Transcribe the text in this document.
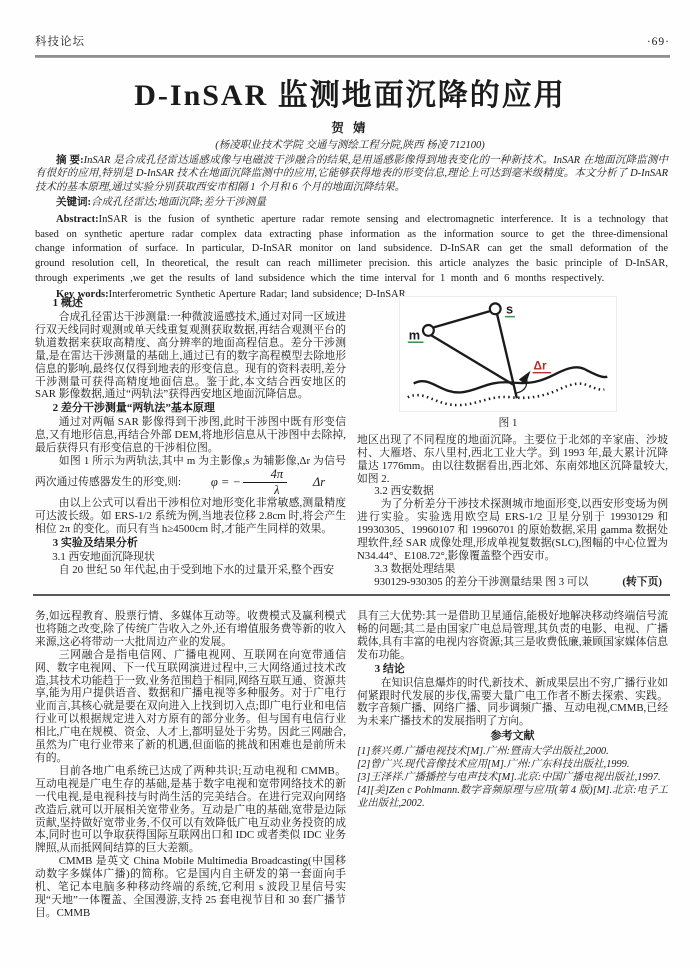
科技论坛	·69·
D-InSAR 监测地面沉降的应用
贺 婧
(杨凌职业技术学院 交通与测绘工程分院,陕西 杨凌 712100)

摘 要:InSAR 是合成孔径雷达遥感成像与电磁波干涉融合的结果,是用遥感影像得到地表变化的一种新技术。InSAR 在地面沉降监测中有很好的应用,特别是 D-InSAR 技术在地面沉降监测中的应用,它能够获得地表的形变信息,理论上可达到毫米级精度。本文分析了 D-InSAR 技术的基本原理,通过实验分别获取西安市相隔 1 个月和 6 个月的地面沉降结果。

关键词:合成孔径雷达;地面沉降;差分干涉测量

Abstract:InSAR is the fusion of synthetic aperture radar remote sensing and electromagnetic interference. It is a technology that based on synthetic aperture radar complex data extracting phase information as the information source to get the three-dimensional change information of surface. In particular, D-InSAR monitor on land subsidence. D-InSAR can get the small deformation of the ground resolution cell, In theoretical, the result can reach millimeter precision. this article analyzes the basic principle of D-InSAR, through experiments ,we get the results of land subsidence which the time interval for 1 month and 6 months respectively.

Key words:Interferometric Synthetic Aperture Radar; land subsidence; D-InSAR

1 概述

合成孔径雷达干涉测量:一种微波遥感技术,通过对同一区域进行双天线同时观测或单天线重复观测获取数据,再结合观测平台的轨道数据来获取高精度、高分辨率的地面高程信息。差分干涉测量,是在雷达干涉测量的基础上,通过已有的数字高程模型去除地形信息的影响,最终仅仅得到地表的形变信息。现有的资料表明,差分干涉测量可获得高精度地面信息。鉴于此,本文结合西安地区的 SAR 影像数据,通过“两轨法”获得西安地区地面沉降信息。

2 差分干涉测量“两轨法”基本原理

通过对两幅 SAR 影像得到干涉图,此时干涉图中既有形变信息,又有地形信息,再结合外部 DEM,将地形信息从干涉图中去除掉,最后获得只有形变信息的干涉相位图。

如图 1 所示为两轨法,其中 m 为主影像,s 为辅影像,Δr 为信号两次通过传感器发生的形变,则:	φ = − $\frac{4\pi}{\lambda}$	Δr

由以上公式可以看出干涉相位对地形变化非常敏感,测量精度可达波长级。如 ERS-1/2 系统为例,当地表位移 2.8cm 时,将会产生相位 2π 的变化。而只有当 h≥4500cm 时,才能产生同样的效果。

3 实验及结果分析
3.1 西安地面沉降现状

自 20 世纪 50 年代起,由于受到地下水的过量开采,整个西安

m
s
Δr
图 1

地区出现了不同程度的地面沉降。主要位于北郊的辛家庙、沙坡村、大雁塔、东八里村,西北工业大学。到 1993 年,最大累计沉降量达 1776mm。由以往数据看出,西北郊、东南郊地区沉降量较大,如图 2.

3.2 西安数据

为了分析差分干涉技术探测城市地面形变,以西安形变场为例进行实验。实验选用欧空局 ERS-1/2 卫星分别于 19930129 和 19930305、19960107 和 19960701 的原始数据,采用 gamma 数据处理软件,经 SAR 成像处理,形成单视复数据(SLC),图幅的中心位置为 N34.44°、E108.72°,影像覆盖整个西安市。

3.3 数据处理结果

930129-930305 的差分干涉测量结果 图 3 可以	(转下页)

务,如远程教育、股票行情、多媒体互动等。收费模式及赢利模式也将随之改变,除了传统广告收入之外,还有增值服务费等新的收入来源,这必将带动一大批周边产业的发展。

三网融合是指电信网、广播电视网、互联网在向宽带通信网、数字电视网、下一代互联网演进过程中,三大网络通过技术改造,其技术功能趋于一致,业务范围趋于相同,网络互联互通、资源共享,能为用户提供语音、数据和广播电视等多种服务。对于广电行业而言,其核心就是要在双向进入上找到切入点;即广电行业和电信行业可以根据规定进入对方原有的部分业务。但与国有电信行业相比,广电在规模、资金、人才上,都明显处于劣势。因此三网融合,虽然为广电行业带来了新的机遇,但面临的挑战和困难也是前所未有的。

目前各地广电系统已达成了两种共识;互动电视和 CMMB。互动电视是广电生存的基础,是基于数字电视和宽带网络技术的新一代电视,是电视科技与时尚生活的完美结合。在进行完双向网络改造后,就可以开展相关宽带业务。互动是广电的基础,宽带是边际贡献,坚持做好宽带业务,不仅可以有效降低广电互动业务投资的成本,同时也可以争取获得国际互联网出口和 IDC 或者类似 IDC 业务牌照,从而抵网间结算的巨大差额。

CMMB 是英文 China Mobile Multimedia Broadcasting(中国移动数字多媒体广播)的简称。它是国内自主研发的第一套面向手机、笔记本电脑多种移动终端的系统,它利用 s 波段卫星信号实现“天地”一体覆盖、全国漫游,支持 25 套电视节目和 30 套广播节目。CMMB

具有三大优势:其一是借助卫星通信,能极好地解决移动终端信号流畅的问题;其二是由国家广电总局管理,其负责的电影、电视、广播载体,具有丰富的电视内容资源;其三是收费低廉,兼顾国家媒体信息发布功能。

3 结论

在知识信息爆炸的时代,新技术、新成果层出不穷,广播行业如何紧跟时代发展的步伐,需要大量广电工作者不断去探索、实践。数字音频广播、网络广播、同步调频广播、互动电视,CMMB,已经为未来广播技术的发展指明了方向。

参考文献

[1]蔡兴勇.广播电视技术[M].广州:暨南大学出版社,2000.

[2]曾广兴.现代音像技术应用[M].广州:广东科技出版社,1999.

[3]王泽祥.广播播控与电声技术[M].北京:中国广播电视出版社,1997.

[4][美]Zen c Pohlmann.数字音频原理与应用(第 4 版)[M].北京:电子工业出版社,2002.
